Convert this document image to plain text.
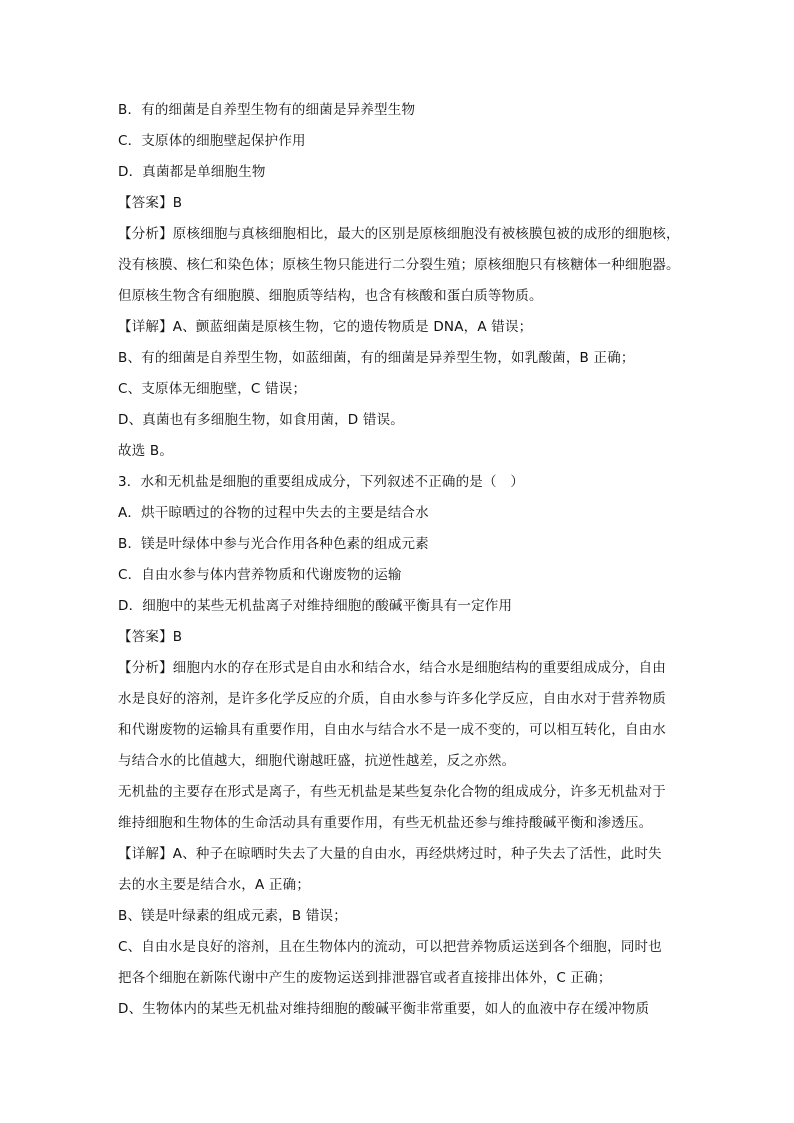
B．有的细菌是自养型生物有的细菌是异养型生物
C．支原体的细胞壁起保护作用
D．真菌都是单细胞生物
【答案】B
【分析】原核细胞与真核细胞相比，最大的区别是原核细胞没有被核膜包被的成形的细胞核，
没有核膜、核仁和染色体；原核生物只能进行二分裂生殖；原核细胞只有核糖体一种细胞器。
但原核生物含有细胞膜、细胞质等结构，也含有核酸和蛋白质等物质。
【详解】A、颤蓝细菌是原核生物，它的遗传物质是 DNA，A 错误；
B、有的细菌是自养型生物，如蓝细菌，有的细菌是异养型生物，如乳酸菌，B 正确；
C、支原体无细胞壁，C 错误；
D、真菌也有多细胞生物，如食用菌，D 错误。
故选 B。
3．水和无机盐是细胞的重要组成成分，下列叙述不正确的是（　）
A．烘干晾晒过的谷物的过程中失去的主要是结合水
B．镁是叶绿体中参与光合作用各种色素的组成元素
C．自由水参与体内营养物质和代谢废物的运输
D．细胞中的某些无机盐离子对维持细胞的酸碱平衡具有一定作用
【答案】B
【分析】细胞内水的存在形式是自由水和结合水，结合水是细胞结构的重要组成成分，自由
水是良好的溶剂，是许多化学反应的介质，自由水参与许多化学反应，自由水对于营养物质
和代谢废物的运输具有重要作用，自由水与结合水不是一成不变的，可以相互转化，自由水
与结合水的比值越大，细胞代谢越旺盛，抗逆性越差，反之亦然。
无机盐的主要存在形式是离子，有些无机盐是某些复杂化合物的组成成分，许多无机盐对于
维持细胞和生物体的生命活动具有重要作用，有些无机盐还参与维持酸碱平衡和渗透压。
【详解】A、种子在晾晒时失去了大量的自由水，再经烘烤过时，种子失去了活性，此时失
去的水主要是结合水，A 正确；
B、镁是叶绿素的组成元素，B 错误；
C、自由水是良好的溶剂，且在生物体内的流动，可以把营养物质运送到各个细胞，同时也
把各个细胞在新陈代谢中产生的废物运送到排泄器官或者直接排出体外，C 正确；
D、生物体内的某些无机盐对维持细胞的酸碱平衡非常重要，如人的血液中存在缓冲物质
